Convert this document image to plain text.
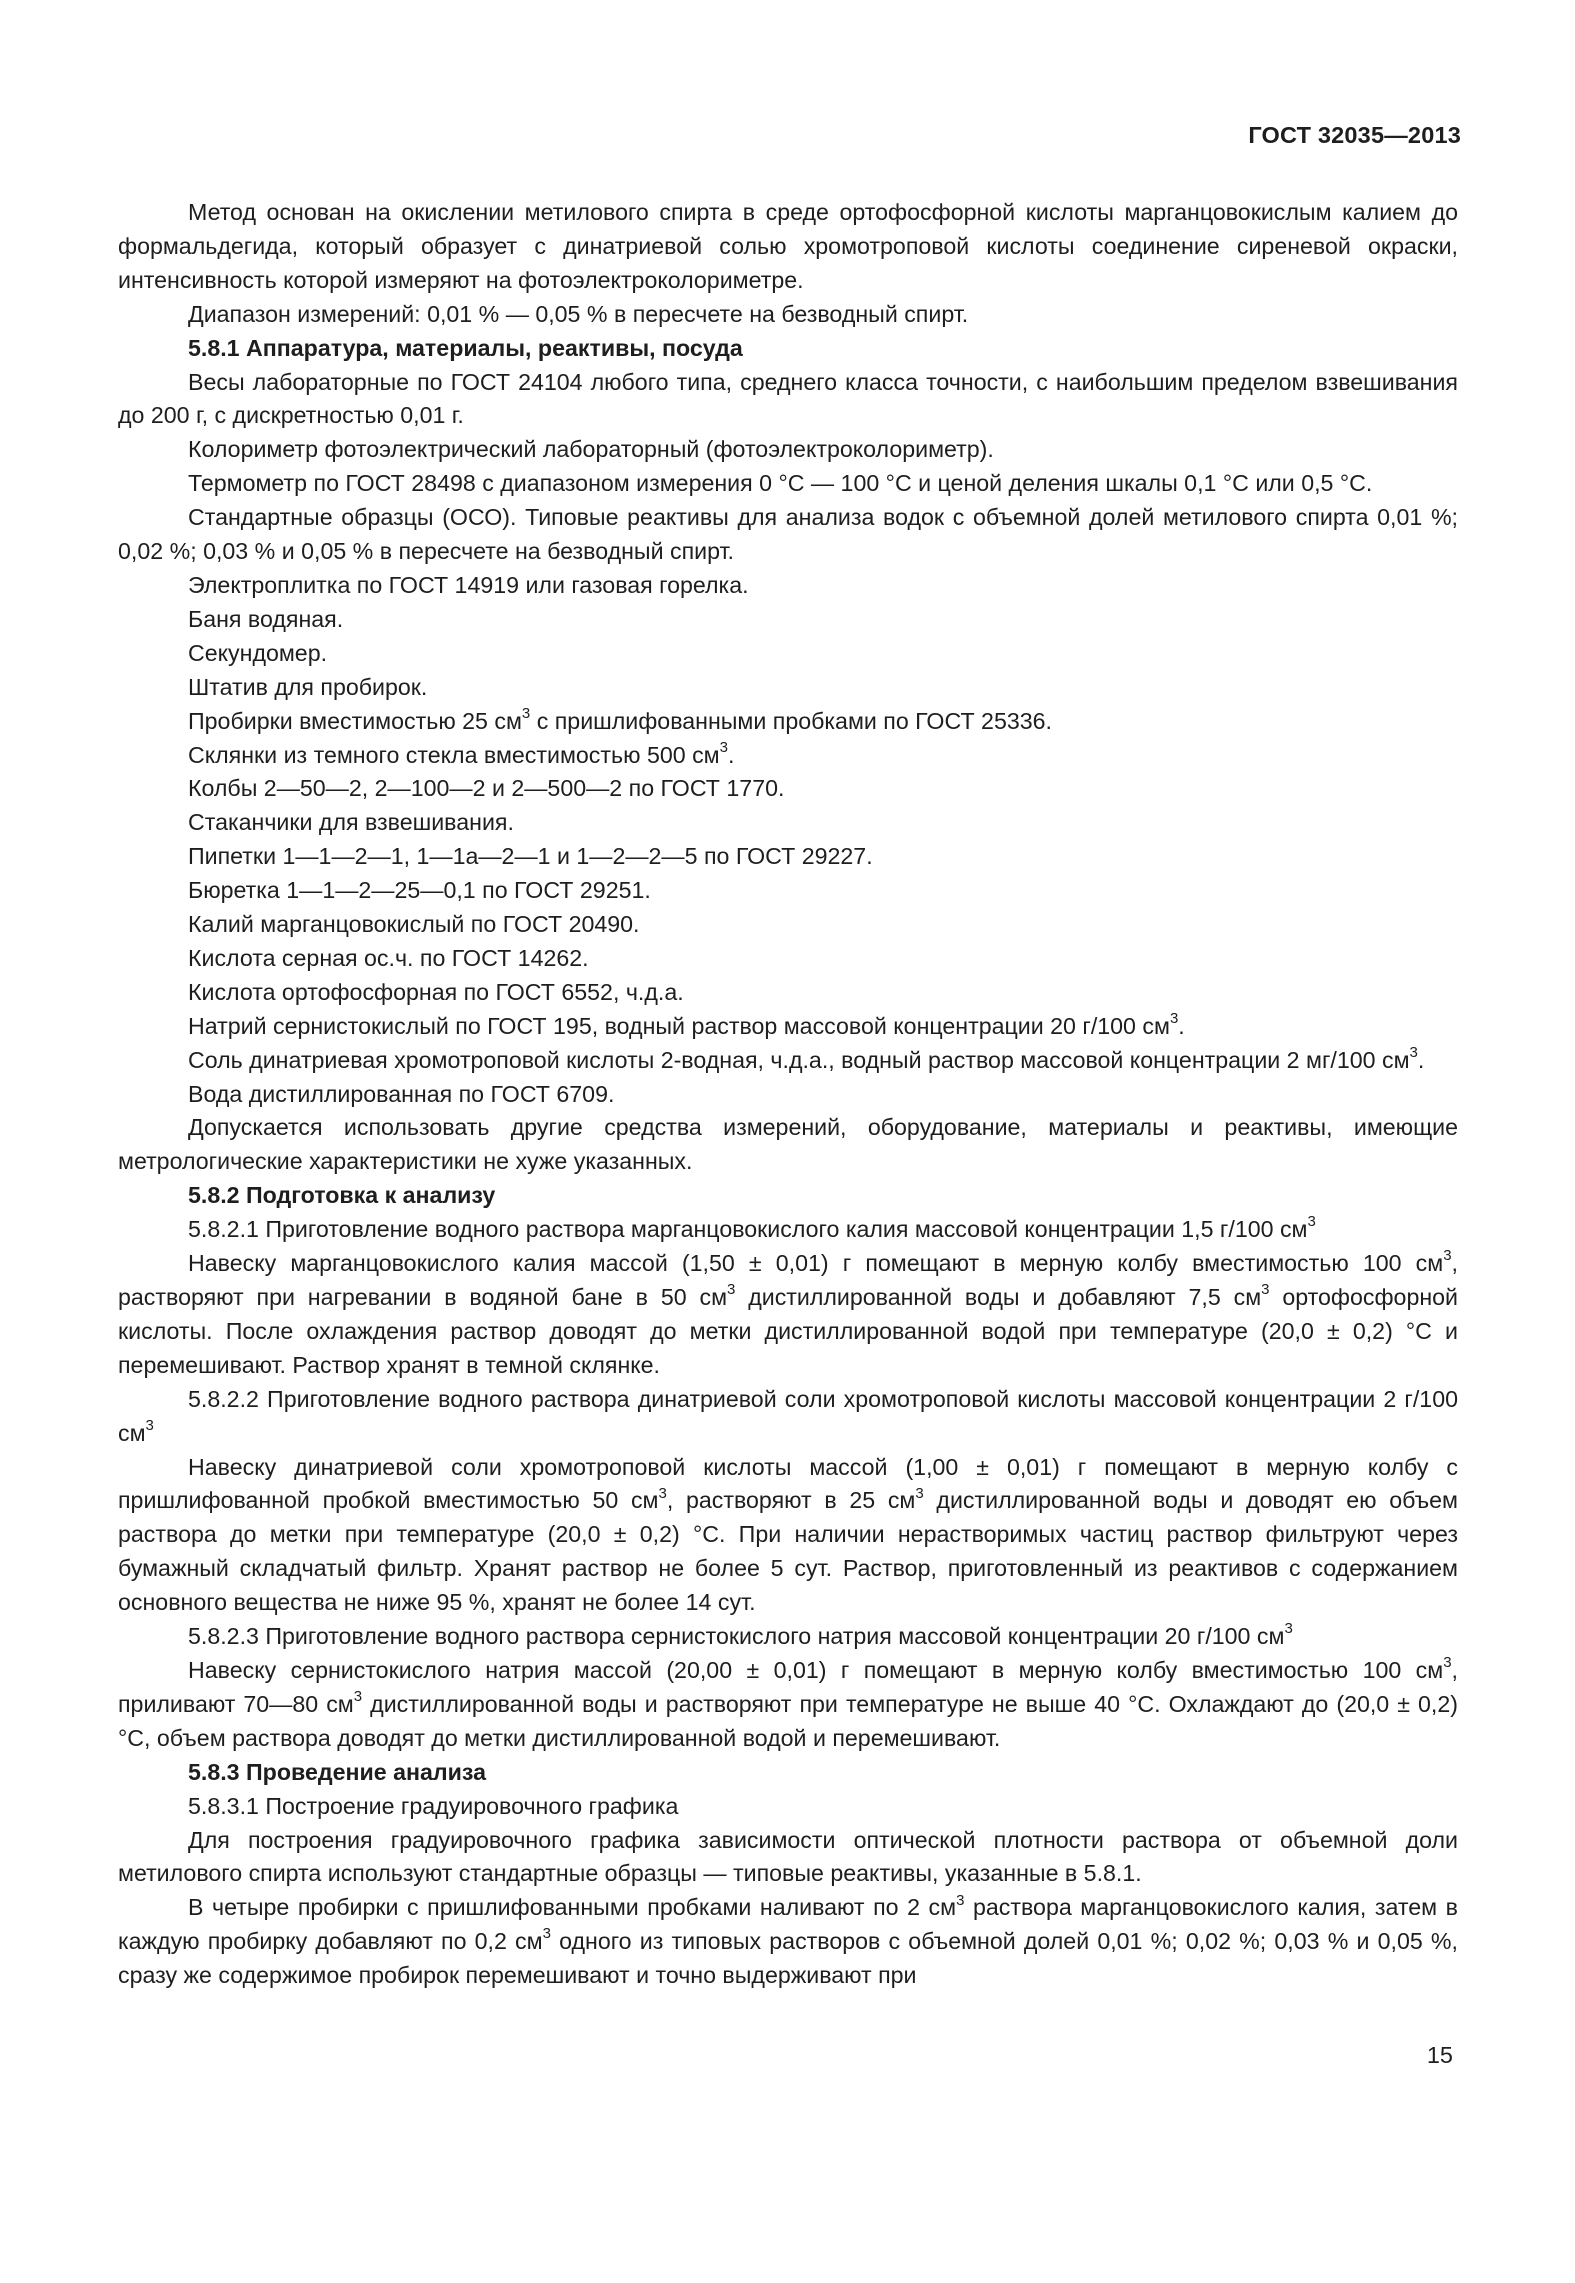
ГОСТ 32035—2013

Метод основан на окислении метилового спирта в среде ортофосфорной кислоты марганцовокислым калием до формальдегида, который образует с динатриевой солью хромотроповой кислоты соединение сиреневой окраски, интенсивность которой измеряют на фотоэлектроколориметре.

Диапазон измерений: 0,01 % — 0,05 % в пересчете на безводный спирт.

5.8.1 Аппаратура, материалы, реактивы, посуда

Весы лабораторные по ГОСТ 24104 любого типа, среднего класса точности, с наибольшим пределом взвешивания до 200 г, с дискретностью 0,01 г.

Колориметр фотоэлектрический лабораторный (фотоэлектроколориметр).

Термометр по ГОСТ 28498 с диапазоном измерения 0 °С — 100 °С и ценой деления шкалы 0,1 °С или 0,5 °С.

Стандартные образцы (ОСО). Типовые реактивы для анализа водок с объемной долей метилового спирта 0,01 %; 0,02 %; 0,03 % и 0,05 % в пересчете на безводный спирт.

Электроплитка по ГОСТ 14919 или газовая горелка.

Баня водяная.

Секундомер.

Штатив для пробирок.

Пробирки вместимостью 25 $см^3$ с пришлифованными пробками по ГОСТ 25336.

Склянки из темного стекла вместимостью 500 $см^3$.

Колбы 2—50—2, 2—100—2 и 2—500—2 по ГОСТ 1770.

Стаканчики для взвешивания.

Пипетки 1—1—2—1, 1—1а—2—1 и 1—2—2—5 по ГОСТ 29227.

Бюретка 1—1—2—25—0,1 по ГОСТ 29251.

Калий марганцовокислый по ГОСТ 20490.

Кислота серная ос.ч. по ГОСТ 14262.

Кислота ортофосфорная по ГОСТ 6552, ч.д.а.

Натрий сернистокислый по ГОСТ 195, водный раствор массовой концентрации 20 г/100 $см^3$.

Соль динатриевая хромотроповой кислоты 2-водная, ч.д.а., водный раствор массовой концентрации 2 мг/100 $см^3$.

Вода дистиллированная по ГОСТ 6709.

Допускается использовать другие средства измерений, оборудование, материалы и реактивы, имеющие метрологические характеристики не хуже указанных.

5.8.2 Подготовка к анализу

5.8.2.1 Приготовление водного раствора марганцовокислого калия массовой концентрации 1,5 г/100 $см^3$

Навеску марганцовокислого калия массой (1,50 ± 0,01) г помещают в мерную колбу вместимостью 100 $см^3$, растворяют при нагревании в водяной бане в 50 $см^3$ дистиллированной воды и добавляют 7,5 $см^3$ ортофосфорной кислоты. После охлаждения раствор доводят до метки дистиллированной водой при температуре (20,0 ± 0,2) °С и перемешивают. Раствор хранят в темной склянке.

5.8.2.2 Приготовление водного раствора динатриевой соли хромотроповой кислоты массовой концентрации 2 г/100 $см^3$

Навеску динатриевой соли хромотроповой кислоты массой (1,00 ± 0,01) г помещают в мерную колбу с пришлифованной пробкой вместимостью 50 $см^3$, растворяют в 25 $см^3$ дистиллированной воды и доводят ею объем раствора до метки при температуре (20,0 ± 0,2) °С. При наличии нерастворимых частиц раствор фильтруют через бумажный складчатый фильтр. Хранят раствор не более 5 сут. Раствор, приготовленный из реактивов с содержанием основного вещества не ниже 95 %, хранят не более 14 сут.

5.8.2.3 Приготовление водного раствора сернистокислого натрия массовой концентрации 20 г/100 $см^3$

Навеску сернистокислого натрия массой (20,00 ± 0,01) г помещают в мерную колбу вместимостью 100 $см^3$, приливают 70—80 $см^3$ дистиллированной воды и растворяют при температуре не выше 40 °С. Охлаждают до (20,0 ± 0,2) °С, объем раствора доводят до метки дистиллированной водой и перемешивают.

5.8.3 Проведение анализа

5.8.3.1 Построение градуировочного графика

Для построения градуировочного графика зависимости оптической плотности раствора от объемной доли метилового спирта используют стандартные образцы — типовые реактивы, указанные в 5.8.1.

В четыре пробирки с пришлифованными пробками наливают по 2 $см^3$ раствора марганцовокислого калия, затем в каждую пробирку добавляют по 0,2 $см^3$ одного из типовых растворов с объемной долей 0,01 %; 0,02 %; 0,03 % и 0,05 %, сразу же содержимое пробирок перемешивают и точно выдерживают при

15
